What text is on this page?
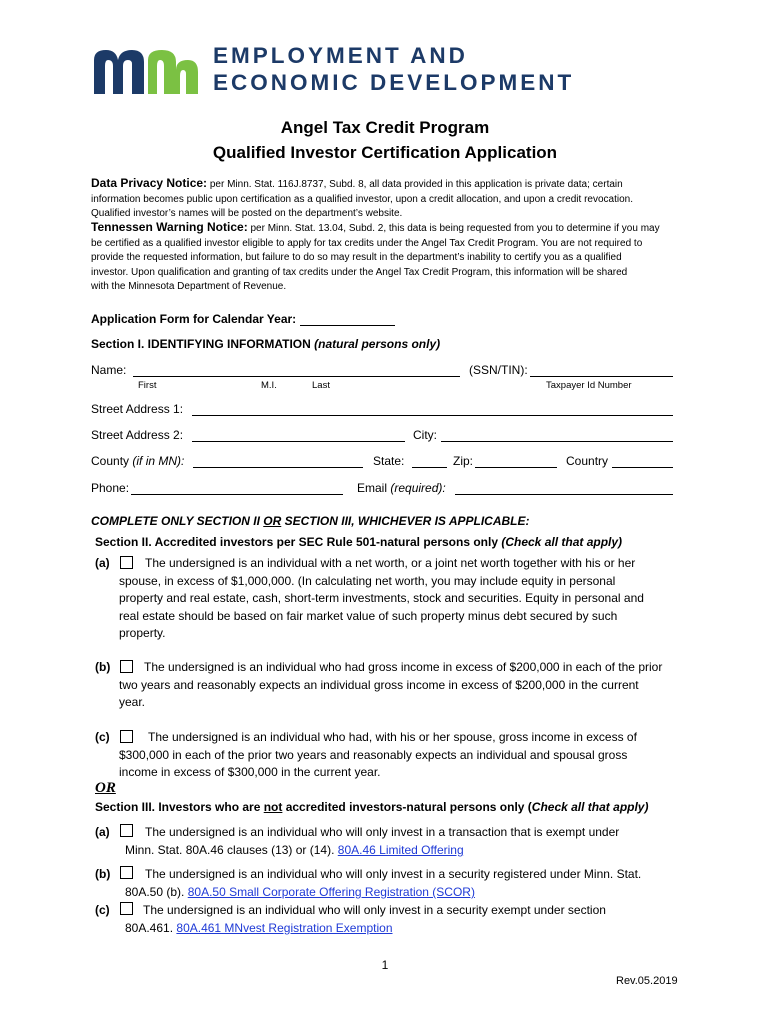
EMPLOYMENT AND
ECONOMIC DEVELOPMENT
Angel Tax Credit Program
Qualified Investor Certification Application
Data Privacy Notice: per Minn. Stat. 116J.8737, Subd. 8, all data provided in this application is private data; certain
information becomes public upon certification as a qualified investor, upon a credit allocation, and upon a credit revocation.
Qualified investor’s names will be posted on the department’s website.
Tennessen Warning Notice: per Minn. Stat. 13.04, Subd. 2, this data is being requested from you to determine if you may
be certified as a qualified investor eligible to apply for tax credits under the Angel Tax Credit Program. You are not required to
provide the requested information, but failure to do so may result in the department’s inability to certify you as a qualified
investor. Upon qualification and granting of tax credits under the Angel Tax Credit Program, this information will be shared
with the Minnesota Department of Revenue.
Application Form for Calendar Year:
Section I. IDENTIFYING INFORMATION (natural persons only)
Name:	(SSN/TIN):
First	M.I.	Last	Taxpayer Id Number
Street Address 1:
Street Address 2:	City:
County (if in MN):	State:	Zip:	Country
Phone:	Email (required):
COMPLETE ONLY SECTION II OR SECTION III, WHICHEVER IS APPLICABLE:
Section II. Accredited investors per SEC Rule 501-natural persons only (Check all that apply)
(a)	The undersigned is an individual with a net worth, or a joint net worth together with his or her
spouse, in excess of $1,000,000. (In calculating net worth, you may include equity in personal
property and real estate, cash, short-term investments, stock and securities. Equity in personal and
real estate should be based on fair market value of such property minus debt secured by such
property.
(b)	The undersigned is an individual who had gross income in excess of $200,000 in each of the prior
two years and reasonably expects an individual gross income in excess of $200,000 in the current
year.
(c)	The undersigned is an individual who had, with his or her spouse, gross income in excess of
$300,000 in each of the prior two years and reasonably expects an individual and spousal gross
income in excess of $300,000 in the current year.
OR
Section III. Investors who are not accredited investors-natural persons only (Check all that apply)
(a)	The undersigned is an individual who will only invest in a transaction that is exempt under
Minn. Stat. 80A.46 clauses (13) or (14). 80A.46 Limited Offering
(b)	The undersigned is an individual who will only invest in a security registered under Minn. Stat.
80A.50 (b). 80A.50 Small Corporate Offering Registration (SCOR)
(c)	The undersigned is an individual who will only invest in a security exempt under section
80A.461. 80A.461 MNvest Registration Exemption
1
Rev.05.2019
